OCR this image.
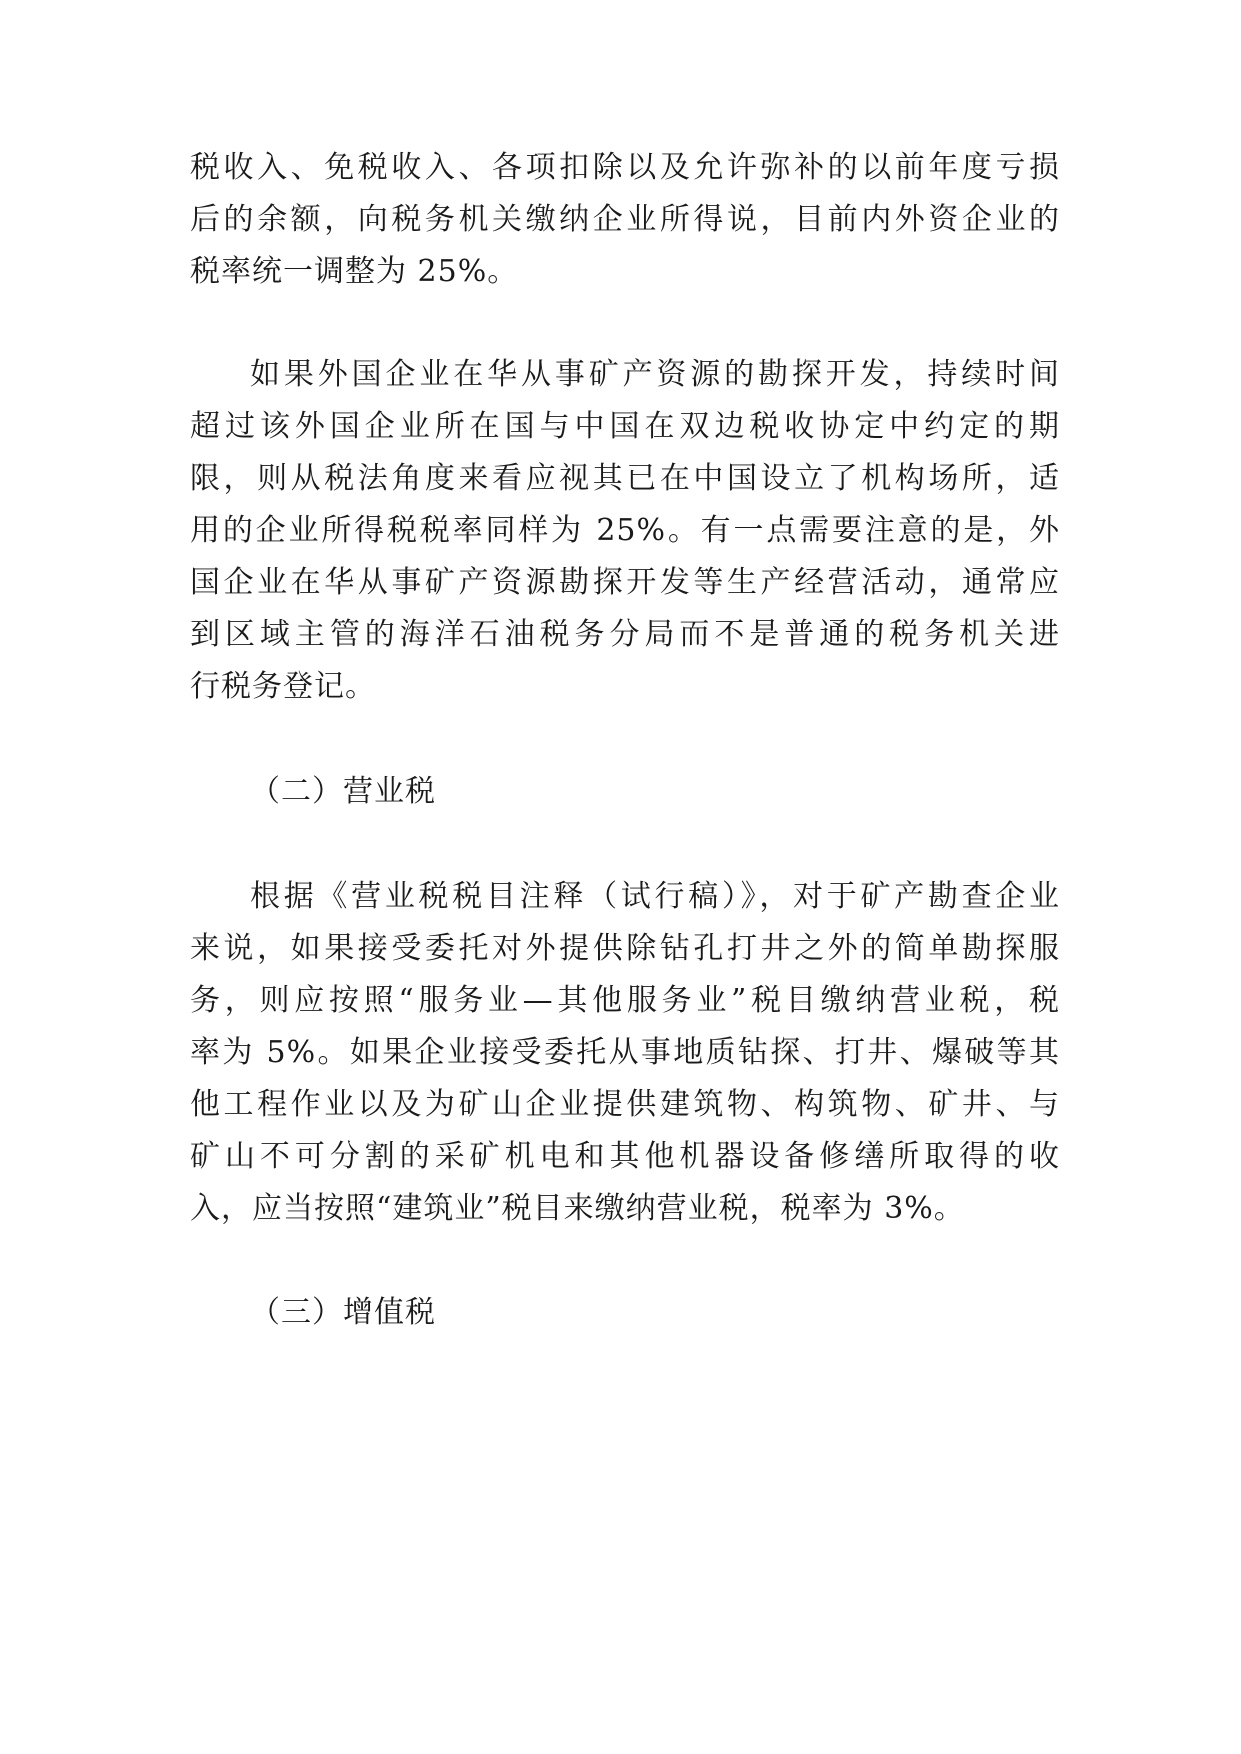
税收入、免税收入、各项扣除以及允许弥补的以前年度亏损
后的余额，向税务机关缴纳企业所得说，目前内外资企业的
税率统一调整为 25%。
如果外国企业在华从事矿产资源的勘探开发，持续时间
超过该外国企业所在国与中国在双边税收协定中约定的期
限，则从税法角度来看应视其已在中国设立了机构场所，适
用的企业所得税税率同样为 25%。有一点需要注意的是，外
国企业在华从事矿产资源勘探开发等生产经营活动，通常应
到区域主管的海洋石油税务分局而不是普通的税务机关进
行税务登记。
（二）营业税
根据《营业税税目注释（试行稿）》，对于矿产勘查企业
来说，如果接受委托对外提供除钻孔打井之外的简单勘探服
务，则应按照“服务业—其他服务业”税目缴纳营业税，税
率为 5%。如果企业接受委托从事地质钻探、打井、爆破等其
他工程作业以及为矿山企业提供建筑物、构筑物、矿井、与
矿山不可分割的采矿机电和其他机器设备修缮所取得的收
入，应当按照“建筑业”税目来缴纳营业税，税率为 3%。
（三）增值税
